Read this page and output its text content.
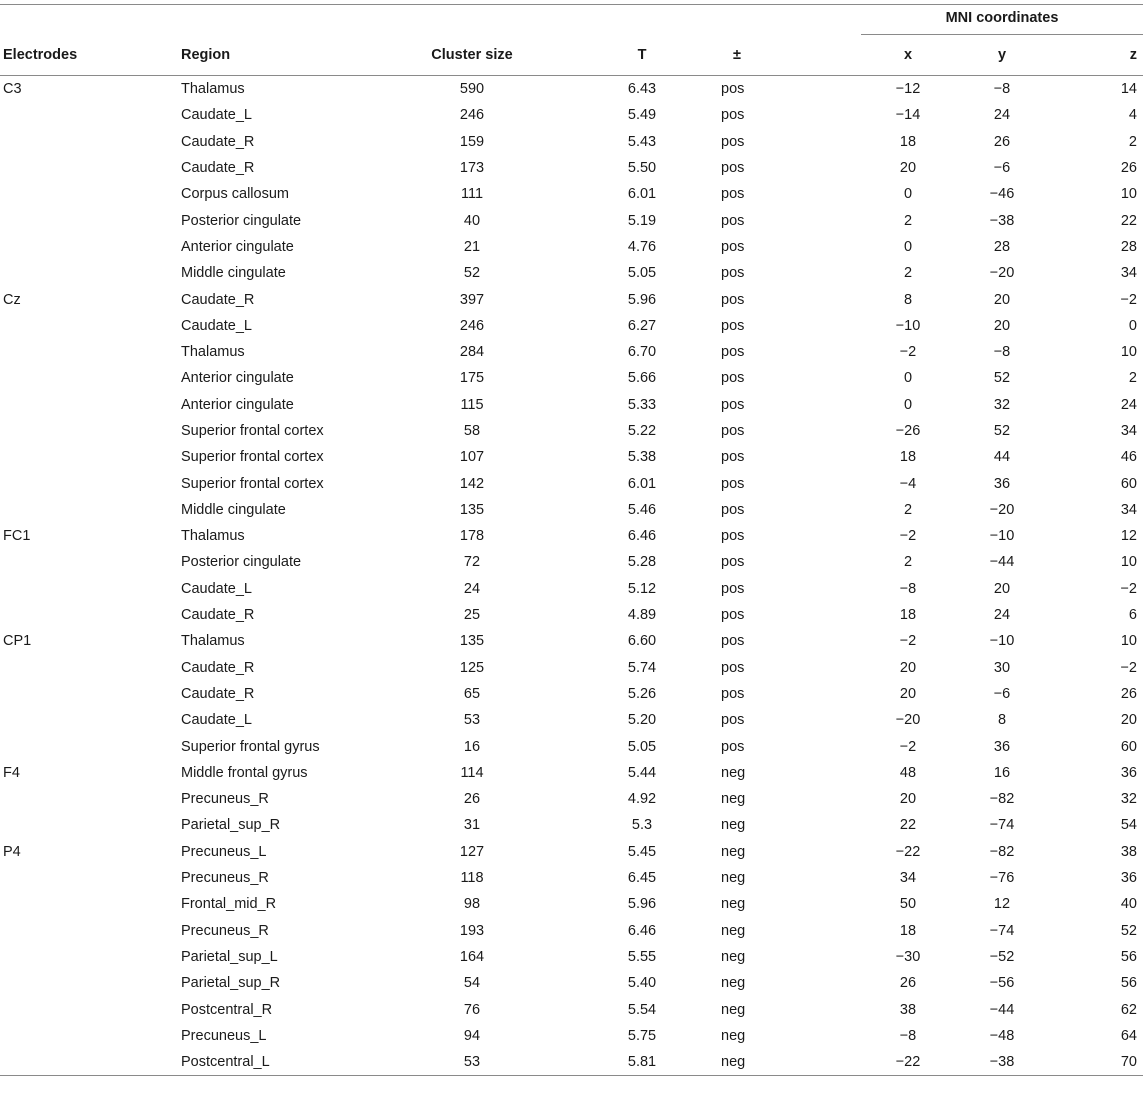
					MNI coordinates		

Electrodes	Region	Cluster size	T	±	x	y	z
C3	Thalamus	590	6.43	pos	−12	−8	14
	Caudate_L	246	5.49	pos	−14	24	4
	Caudate_R	159	5.43	pos	18	26	2
	Caudate_R	173	5.50	pos	20	−6	26
	Corpus callosum	111	6.01	pos	0	−46	10
	Posterior cingulate	40	5.19	pos	2	−38	22
	Anterior cingulate	21	4.76	pos	0	28	28
	Middle cingulate	52	5.05	pos	2	−20	34
Cz	Caudate_R	397	5.96	pos	8	20	−2
	Caudate_L	246	6.27	pos	−10	20	0
	Thalamus	284	6.70	pos	−2	−8	10
	Anterior cingulate	175	5.66	pos	0	52	2
	Anterior cingulate	115	5.33	pos	0	32	24
	Superior frontal cortex	58	5.22	pos	−26	52	34
	Superior frontal cortex	107	5.38	pos	18	44	46
	Superior frontal cortex	142	6.01	pos	−4	36	60
	Middle cingulate	135	5.46	pos	2	−20	34
FC1	Thalamus	178	6.46	pos	−2	−10	12
	Posterior cingulate	72	5.28	pos	2	−44	10
	Caudate_L	24	5.12	pos	−8	20	−2
	Caudate_R	25	4.89	pos	18	24	6
CP1	Thalamus	135	6.60	pos	−2	−10	10
	Caudate_R	125	5.74	pos	20	30	−2
	Caudate_R	65	5.26	pos	20	−6	26
	Caudate_L	53	5.20	pos	−20	8	20
	Superior frontal gyrus	16	5.05	pos	−2	36	60
F4	Middle frontal gyrus	114	5.44	neg	48	16	36
	Precuneus_R	26	4.92	neg	20	−82	32
	Parietal_sup_R	31	5.3	neg	22	−74	54
P4	Precuneus_L	127	5.45	neg	−22	−82	38
	Precuneus_R	118	6.45	neg	34	−76	36
	Frontal_mid_R	98	5.96	neg	50	12	40
	Precuneus_R	193	6.46	neg	18	−74	52
	Parietal_sup_L	164	5.55	neg	−30	−52	56
	Parietal_sup_R	54	5.40	neg	26	−56	56
	Postcentral_R	76	5.54	neg	38	−44	62
	Precuneus_L	94	5.75	neg	−8	−48	64
	Postcentral_L	53	5.81	neg	−22	−38	70
